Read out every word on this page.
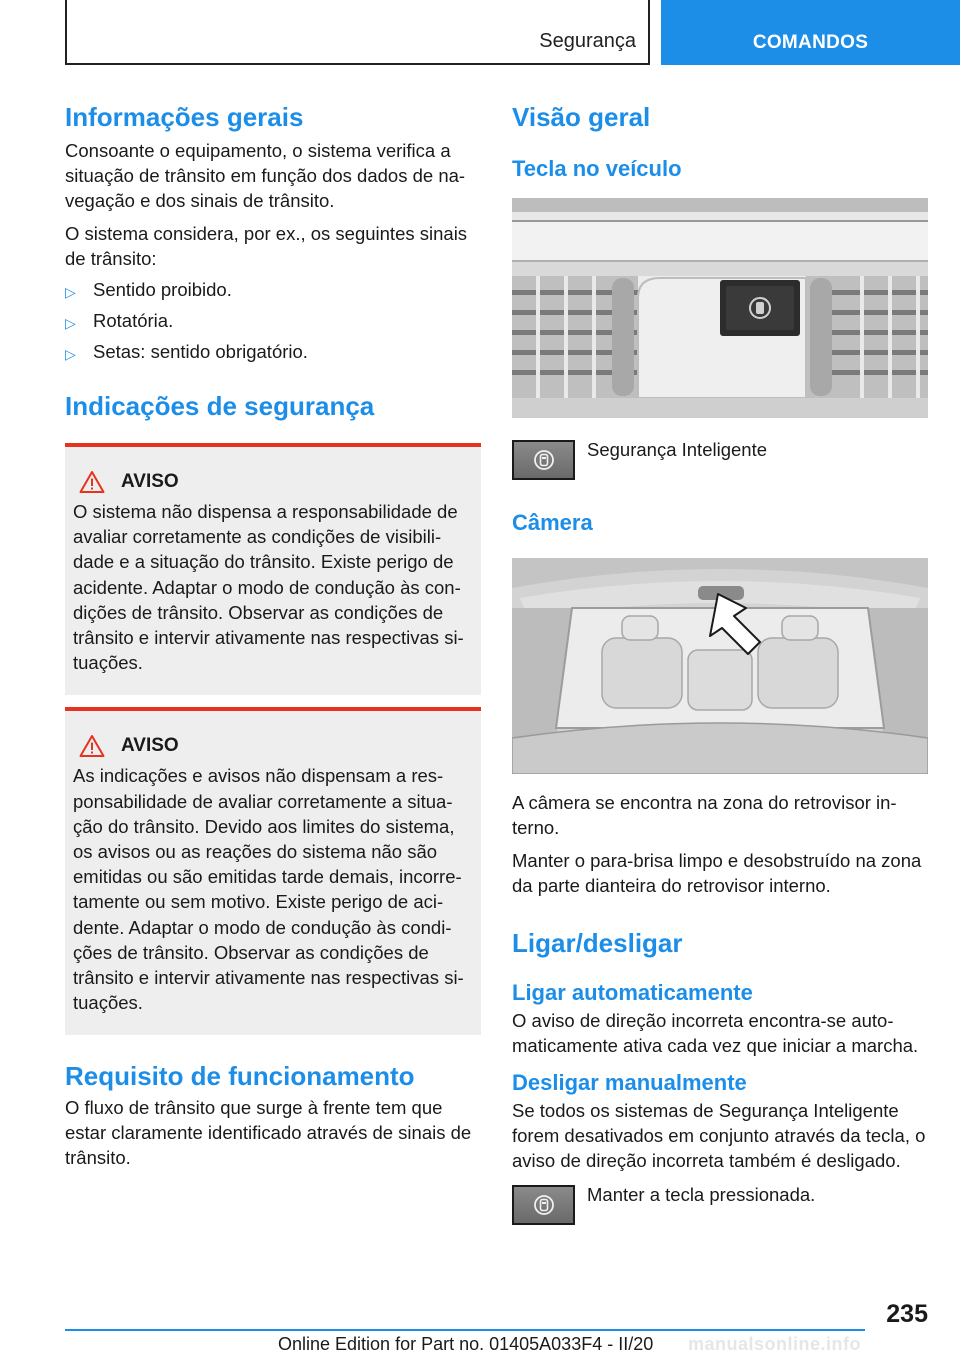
Segurança	COMANDOS
Informações gerais

Consoante o equipamento, o sistema verifica a situação de trânsito em função dos dados de na-vegação e dos sinais de trânsito.

O sistema considera, por ex., os seguintes sinais de trânsito:

▷ Sentido proibido.
▷ Rotatória.
▷ Setas: sentido obrigatório.
Indicações de segurança
AVISO

O sistema não dispensa a responsabilidade de avaliar corretamente as condições de visibili-dade e a situação do trânsito. Existe perigo de acidente. Adaptar o modo de condução às con-dições de trânsito. Observar as condições de trânsito e intervir ativamente nas respectivas si-tuações.

AVISO

As indicações e avisos não dispensam a res-ponsabilidade de avaliar corretamente a situa-ção do trânsito. Devido aos limites do sistema, os avisos ou as reações do sistema não são emitidas ou são emitidas tarde demais, incorre-tamente ou sem motivo. Existe perigo de aci-dente. Adaptar o modo de condução às condi-ções de trânsito. Observar as condições de trânsito e intervir ativamente nas respectivas si-tuações.

Requisito de funcionamento

O fluxo de trânsito que surge à frente tem que estar claramente identificado através de sinais de trânsito.

Visão geral
Tecla no veículo
Segurança Inteligente
Câmera

A câmera se encontra na zona do retrovisor in-terno.

Manter o para-brisa limpo e desobstruído na zona da parte dianteira do retrovisor interno.

Ligar/desligar
Ligar automaticamente

O aviso de direção incorreta encontra-se auto-maticamente ativa cada vez que iniciar a marcha.

Desligar manualmente

Se todos os sistemas de Segurança Inteligente forem desativados em conjunto através da tecla, o aviso de direção incorreta também é desligado.

Manter a tecla pressionada.
235
Online Edition for Part no. 01405A033F4 - II/20 manualsonline.info
